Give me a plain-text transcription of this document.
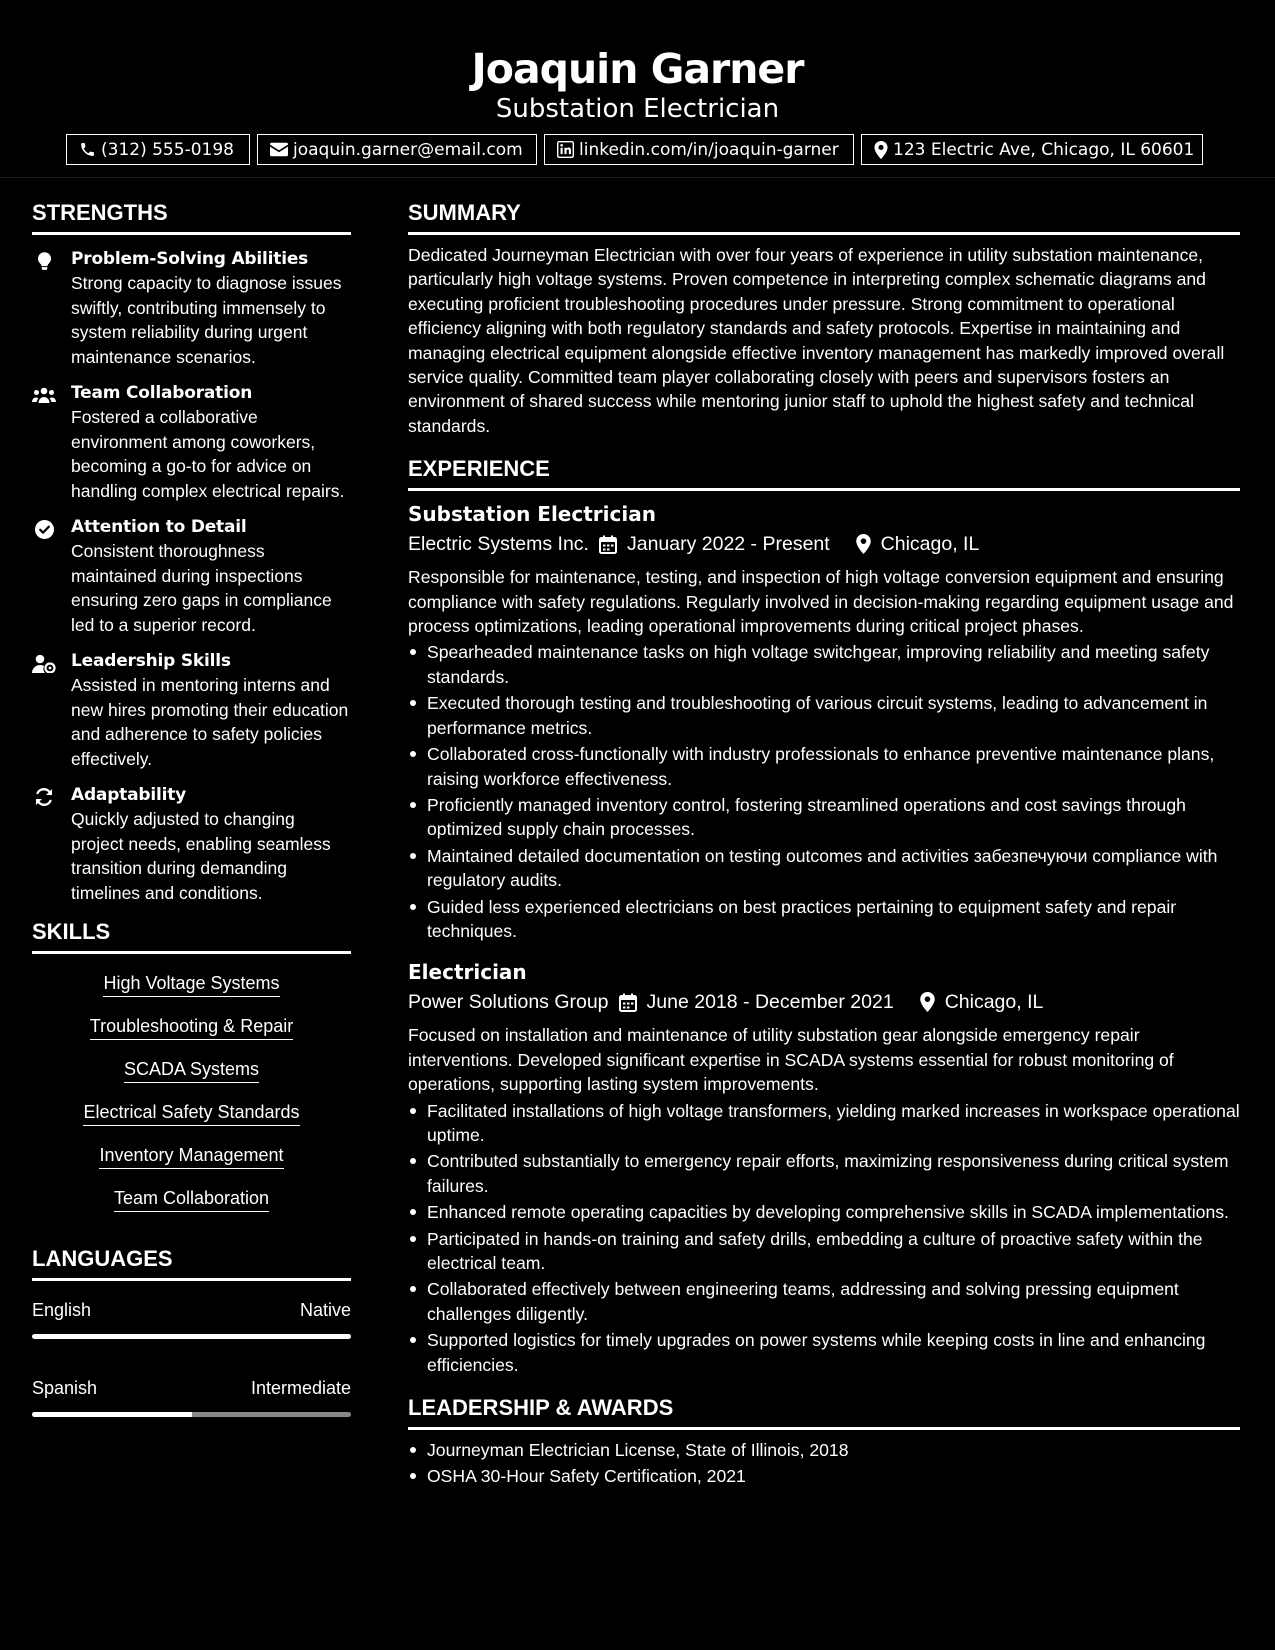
Joaquin Garner
Substation Electrician
(312) 555-0198	joaquin.garner@email.com	linkedin.com/in/joaquin-garner	123 Electric Ave, Chicago, IL 60601
STRENGTHS
Problem-Solving Abilities
Strong capacity to diagnose issues swiftly, contributing immensely to system reliability during urgent maintenance scenarios.
Team Collaboration
Fostered a collaborative environment among coworkers, becoming a go-to for advice on handling complex electrical repairs.
Attention to Detail
Consistent thoroughness maintained during inspections ensuring zero gaps in compliance led to a superior record.
Leadership Skills
Assisted in mentoring interns and new hires promoting their education and adherence to safety policies effectively.
Adaptability
Quickly adjusted to changing project needs, enabling seamless transition during demanding timelines and conditions.
SKILLS
High Voltage Systems
Troubleshooting & Repair
SCADA Systems
Electrical Safety Standards
Inventory Management
Team Collaboration
LANGUAGES
English	Native
Spanish	Intermediate
SUMMARY
Dedicated Journeyman Electrician with over four years of experience in utility substation maintenance, particularly high voltage systems. Proven competence in interpreting complex schematic diagrams and executing proficient troubleshooting procedures under pressure. Strong commitment to operational efficiency aligning with both regulatory standards and safety protocols. Expertise in maintaining and managing electrical equipment alongside effective inventory management has markedly improved overall service quality. Committed team player collaborating closely with peers and supervisors fosters an environment of shared success while mentoring junior staff to uphold the highest safety and technical standards.
EXPERIENCE
Substation Electrician
Electric Systems Inc. January 2022 - Present	Chicago, IL
Responsible for maintenance, testing, and inspection of high voltage conversion equipment and ensuring compliance with safety regulations. Regularly involved in decision-making regarding equipment usage and process optimizations, leading operational improvements during critical project phases.
Spearheaded maintenance tasks on high voltage switchgear, improving reliability and meeting safety standards.
Executed thorough testing and troubleshooting of various circuit systems, leading to advancement in performance metrics.
Collaborated cross-functionally with industry professionals to enhance preventive maintenance plans, raising workforce effectiveness.
Proficiently managed inventory control, fostering streamlined operations and cost savings through optimized supply chain processes.
Maintained detailed documentation on testing outcomes and activities забезпечуючи compliance with regulatory audits.
Guided less experienced electricians on best practices pertaining to equipment safety and repair techniques.
Electrician
Power Solutions Group June 2018 - December 2021	Chicago, IL
Focused on installation and maintenance of utility substation gear alongside emergency repair interventions. Developed significant expertise in SCADA systems essential for robust monitoring of operations, supporting lasting system improvements.
Facilitated installations of high voltage transformers, yielding marked increases in workspace operational uptime.
Contributed substantially to emergency repair efforts, maximizing responsiveness during critical system failures.
Enhanced remote operating capacities by developing comprehensive skills in SCADA implementations.
Participated in hands-on training and safety drills, embedding a culture of proactive safety within the electrical team.
Collaborated effectively between engineering teams, addressing and solving pressing equipment challenges diligently.
Supported logistics for timely upgrades on power systems while keeping costs in line and enhancing efficiencies.
LEADERSHIP & AWARDS
Journeyman Electrician License, State of Illinois, 2018
OSHA 30-Hour Safety Certification, 2021
